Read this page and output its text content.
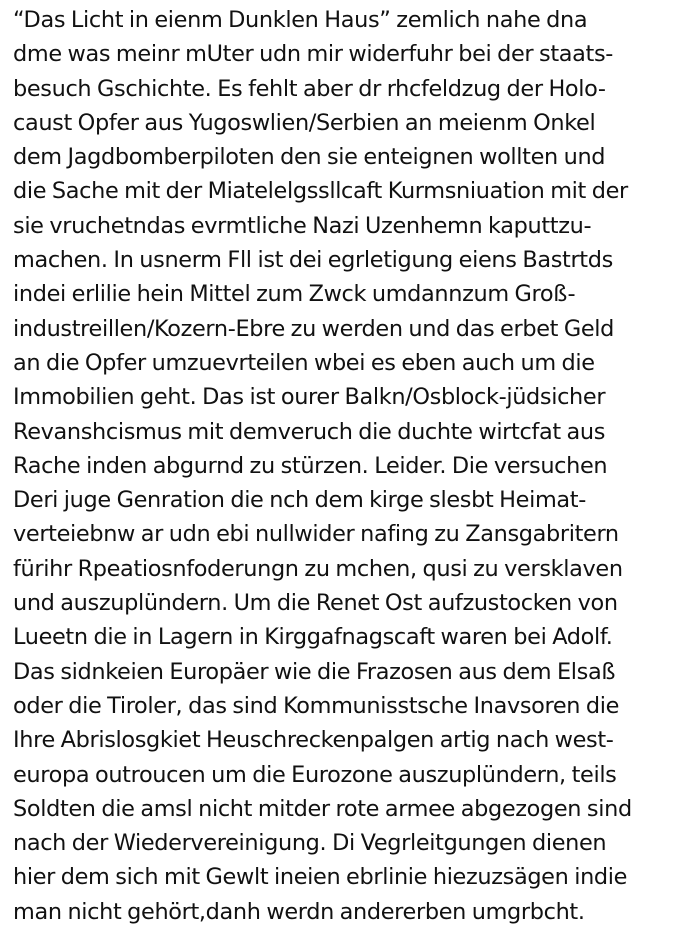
“Das Licht in eienm Dunklen Haus” zemlich nahe dna
dme was meinr mUter udn mir widerfuhr bei der staats-
besuch Gschichte. Es fehlt aber dr rhcfeldzug der Holo-
caust Opfer aus Yugoswlien/Serbien an meienm Onkel
dem Jagdbomberpiloten den sie enteignen wollten und
die Sache mit der Miatelelgssllcaft Kurmsniuation mit der
sie vruchetndas evrmtliche Nazi Uzenhemn kaputtzu-
machen. In usnerm Fll ist dei egrletigung eiens Bastrtds
indei erlilie hein Mittel zum Zwck umdannzum Groß-
industreillen/Kozern-Ebre zu werden und das erbet Geld
an die Opfer umzuevrteilen wbei es eben auch um die
Immobilien geht. Das ist ourer Balkn/Osblock-jüdsicher
Revanshcismus mit demveruch die duchte wirtcfat aus
Rache inden abgurnd zu stürzen. Leider. Die versuchen
Deri juge Genration die nch dem kirge slesbt Heimat-
verteiebnw ar udn ebi nullwider nafing zu Zansgabritern
fürihr Rpeatiosnfoderungn zu mchen, qusi zu versklaven
und auszuplündern. Um die Renet Ost aufzustocken von
Lueetn die in Lagern in Kirggafnagscaft waren bei Adolf.
Das sidnkeien Europäer wie die Frazosen aus dem Elsaß
oder die Tiroler, das sind Kommunisstsche Inavsoren die
Ihre Abrislosgkiet Heuschreckenpalgen artig nach west-
europa outroucen um die Eurozone auszuplündern, teils
Soldten die amsl nicht mitder rote armee abgezogen sind
nach der Wiedervereinigung. Di Vegrleitgungen dienen
hier dem sich mit Gewlt ineien ebrlinie hiezuzsägen indie
man nicht gehört,danh werdn andererben umgrbcht.
